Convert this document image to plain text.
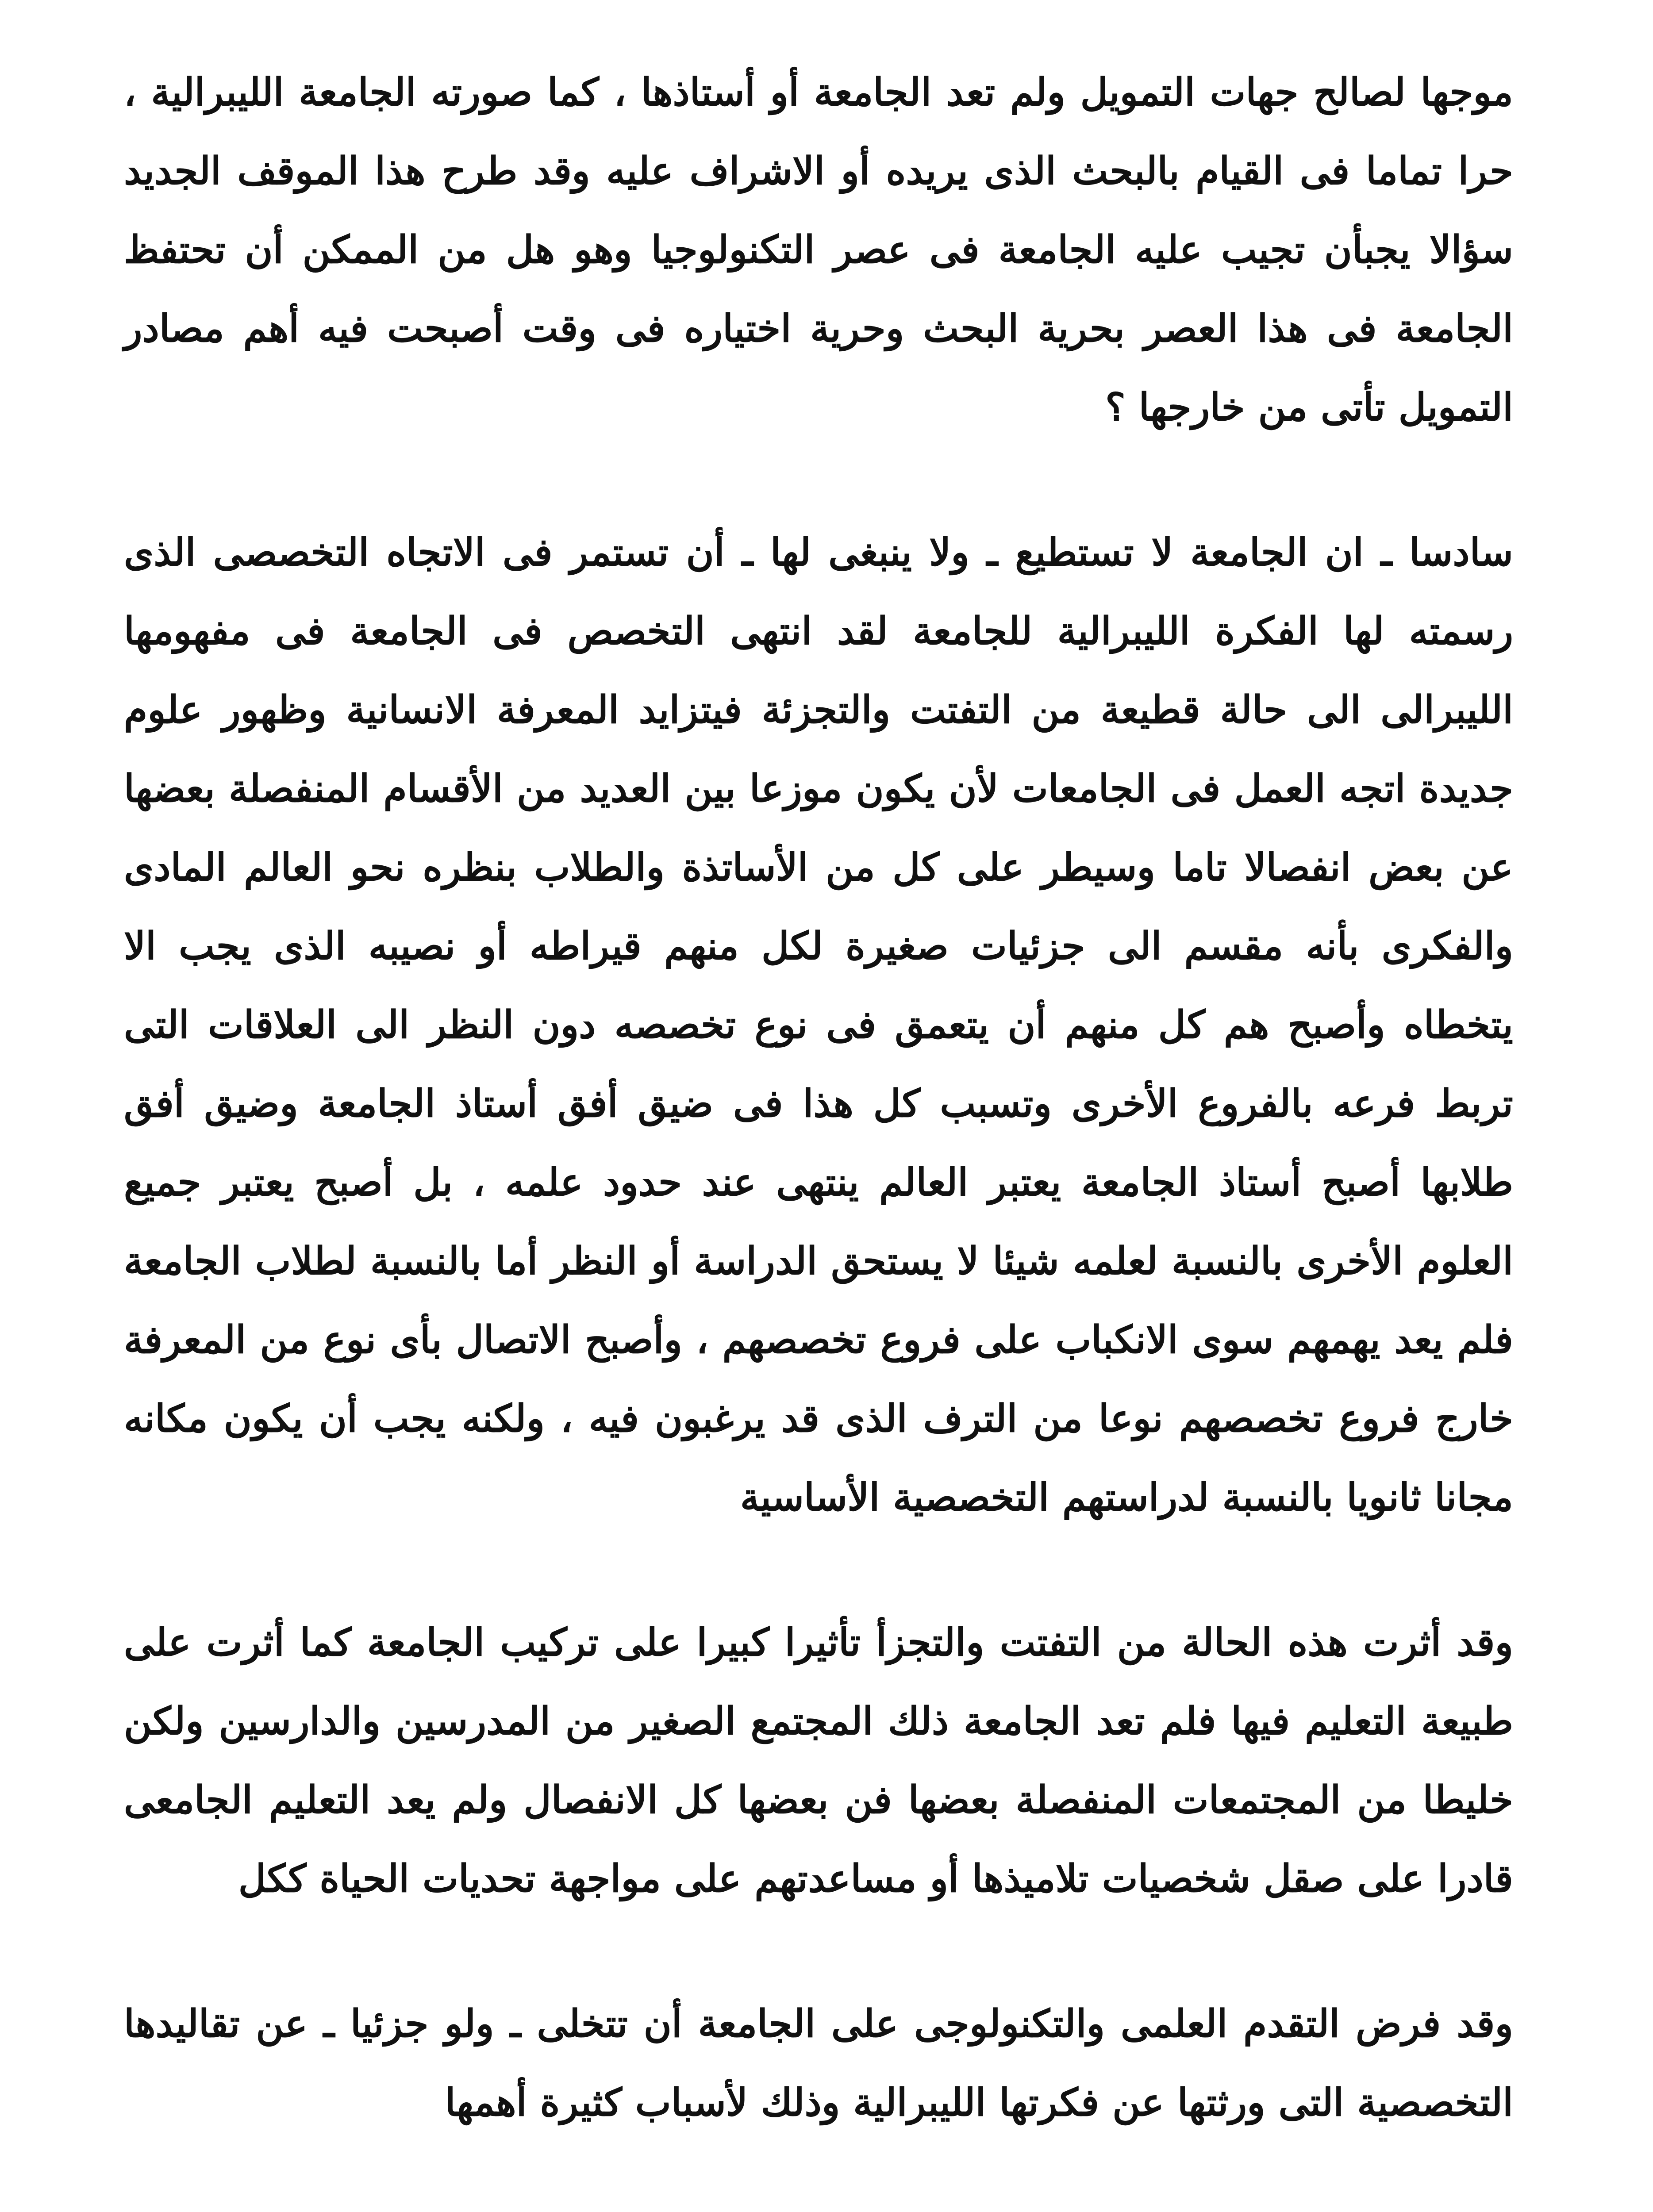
موجها لصالح جهات التمويل ولم تعد الجامعة أو أستاذها ، كما صورته الجامعة الليبرالية ، حرا تماما فى القيام بالبحث الذى يريده أو الاشراف عليه وقد طرح هذا الموقف الجديد سؤالا يجبأن تجيب عليه الجامعة فى عصر التكنولوجيا وهو هل من الممكن أن تحتفظ الجامعة فى هذا العصر بحرية البحث وحرية اختياره فى وقت أصبحت فيه أهم مصادر التمويل تأتى من خارجها ؟

سادسا ـ ان الجامعة لا تستطيع ـ ولا ينبغى لها ـ أن تستمر فى الاتجاه التخصصى الذى رسمته لها الفكرة الليبرالية للجامعة لقد انتهى التخصص فى الجامعة فى مفهومها الليبرالى الى حالة قطيعة من التفتت والتجزئة فيتزايد المعرفة الانسانية وظهور علوم جديدة اتجه العمل فى الجامعات لأن يكون موزعا بين العديد من الأقسام المنفصلة بعضها عن بعض انفصالا تاما وسيطر على كل من الأساتذة والطلاب بنظره نحو العالم المادى والفكرى بأنه مقسم الى جزئيات صغيرة لكل منهم قيراطه أو نصيبه الذى يجب الا يتخطاه وأصبح هم كل منهم أن يتعمق فى نوع تخصصه دون النظر الى العلاقات التى تربط فرعه بالفروع الأخرى وتسبب كل هذا فى ضيق أفق أستاذ الجامعة وضيق أفق طلابها أصبح أستاذ الجامعة يعتبر العالم ينتهى عند حدود علمه ، بل أصبح يعتبر جميع العلوم الأخرى بالنسبة لعلمه شيئا لا يستحق الدراسة أو النظر أما بالنسبة لطلاب الجامعة فلم يعد يهمهم سوى الانكباب على فروع تخصصهم ، وأصبح الاتصال بأى نوع من المعرفة خارج فروع تخصصهم نوعا من الترف الذى قد يرغبون فيه ، ولكنه يجب أن يكون مكانه مجانا ثانويا بالنسبة لدراستهم التخصصية الأساسية

وقد أثرت هذه الحالة من التفتت والتجزأ تأثيرا كبيرا على تركيب الجامعة كما أثرت على طبيعة التعليم فيها فلم تعد الجامعة ذلك المجتمع الصغير من المدرسين والدارسين ولكن خليطا من المجتمعات المنفصلة بعضها فن بعضها كل الانفصال ولم يعد التعليم الجامعى قادرا على صقل شخصيات تلاميذها أو مساعدتهم على مواجهة تحديات الحياة ككل

وقد فرض التقدم العلمى والتكنولوجى على الجامعة أن تتخلى ـ ولو جزئيا ـ عن تقاليدها التخصصية التى ورثتها عن فكرتها الليبرالية وذلك لأسباب كثيرة أهمها
